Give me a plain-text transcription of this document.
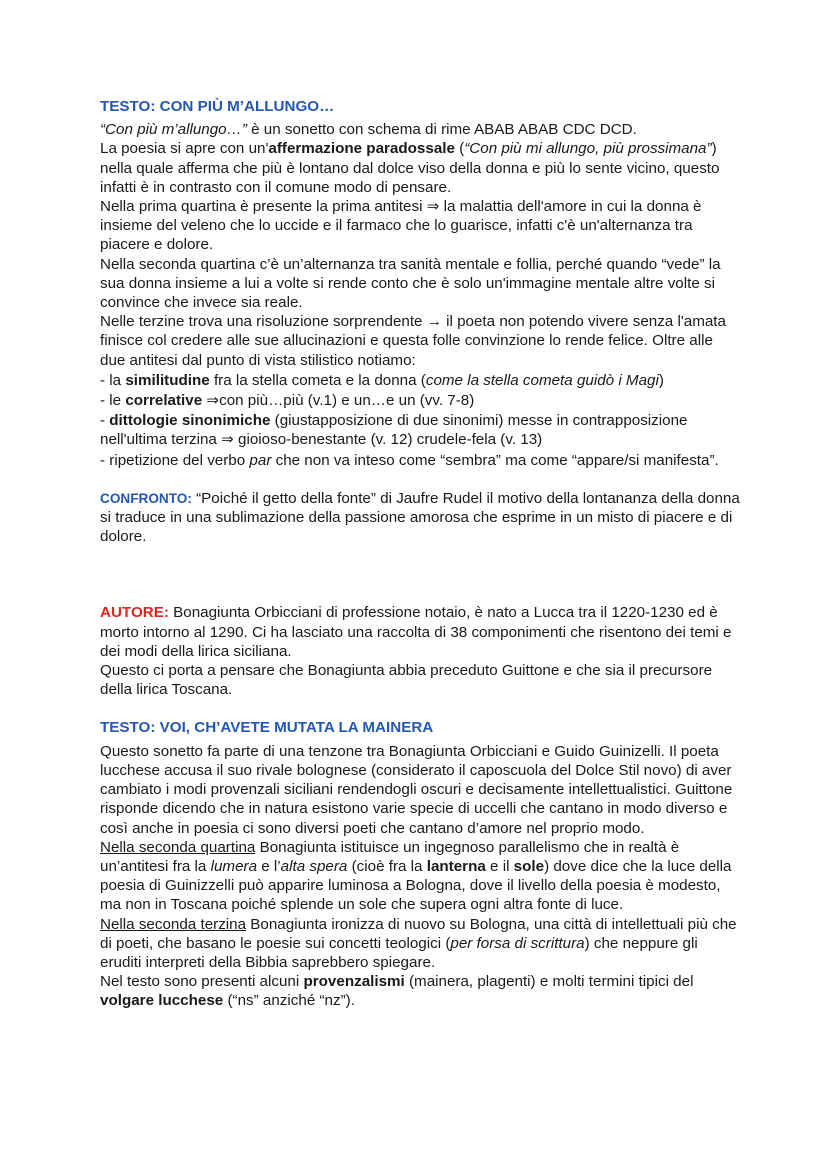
TESTO: CON PIÙ M’ALLUNGO…

“Con più m’allungo…” è un sonetto con schema di rime ABAB ABAB CDC DCD.

La poesia si apre con un'affermazione paradossale (“Con più mi allungo, più prossimana”) nella quale afferma che più è lontano dal dolce viso della donna e più lo sente vicino, questo infatti è in contrasto con il comune modo di pensare.

Nella prima quartina è presente la prima antitesi ⇒ la malattia dell'amore in cui la donna è insieme del veleno che lo uccide e il farmaco che lo guarisce, infatti c'è un'alternanza tra piacere e dolore.

Nella seconda quartina c’è un’alternanza tra sanità mentale e follia, perché quando “vede” la sua donna insieme a lui a volte si rende conto che è solo un'immagine mentale altre volte si convince che invece sia reale.

Nelle terzine trova una risoluzione sorprendente → il poeta non potendo vivere senza l'amata finisce col credere alle sue allucinazioni e questa folle convinzione lo rende felice. Oltre alle due antitesi dal punto di vista stilistico notiamo:

- la similitudine fra la stella cometa e la donna (come la stella cometa guidò i Magi)

- le correlative ⇒con più…più (v.1) e un…e un (vv. 7-8)

- dittologie sinonimiche (giustapposizione di due sinonimi) messe in contrapposizione nell'ultima terzina ⇒ gioioso-benestante (v. 12) crudele-fela (v. 13)

- ripetizione del verbo par che non va inteso come “sembra” ma come “appare/si manifesta”.

CONFRONTO: “Poiché il getto della fonte” di Jaufre Rudel il motivo della lontananza della donna si traduce in una sublimazione della passione amorosa che esprime in un misto di piacere e di dolore.

AUTORE: Bonagiunta Orbicciani di professione notaio, è nato a Lucca tra il 1220-1230 ed è morto intorno al 1290. Ci ha lasciato una raccolta di 38 componimenti che risentono dei temi e dei modi della lirica siciliana.

Questo ci porta a pensare che Bonagiunta abbia preceduto Guittone e che sia il precursore della lirica Toscana.

TESTO: VOI, CH’AVETE MUTATA LA MAINERA

Questo sonetto fa parte di una tenzone tra Bonagiunta Orbicciani e Guido Guinizelli. Il poeta lucchese accusa il suo rivale bolognese (considerato il caposcuola del Dolce Stil novo) di aver cambiato i modi provenzali siciliani rendendogli oscuri e decisamente intellettualistici. Guittone risponde dicendo che in natura esistono varie specie di uccelli che cantano in modo diverso e così anche in poesia ci sono diversi poeti che cantano d’amore nel proprio modo.

Nella seconda quartina Bonagiunta istituisce un ingegnoso parallelismo che in realtà è un’antitesi fra la lumera e l’alta spera (cioè fra la lanterna e il sole) dove dice che la luce della poesia di Guinizzelli può apparire luminosa a Bologna, dove il livello della poesia è modesto, ma non in Toscana poiché splende un sole che supera ogni altra fonte di luce.

Nella seconda terzina Bonagiunta ironizza di nuovo su Bologna, una città di intellettuali più che di poeti, che basano le poesie sui concetti teologici (per forsa di scrittura) che neppure gli eruditi interpreti della Bibbia saprebbero spiegare.

Nel testo sono presenti alcuni provenzalismi (mainera, plagenti) e molti termini tipici del volgare lucchese (“ns” anziché “nz”).
